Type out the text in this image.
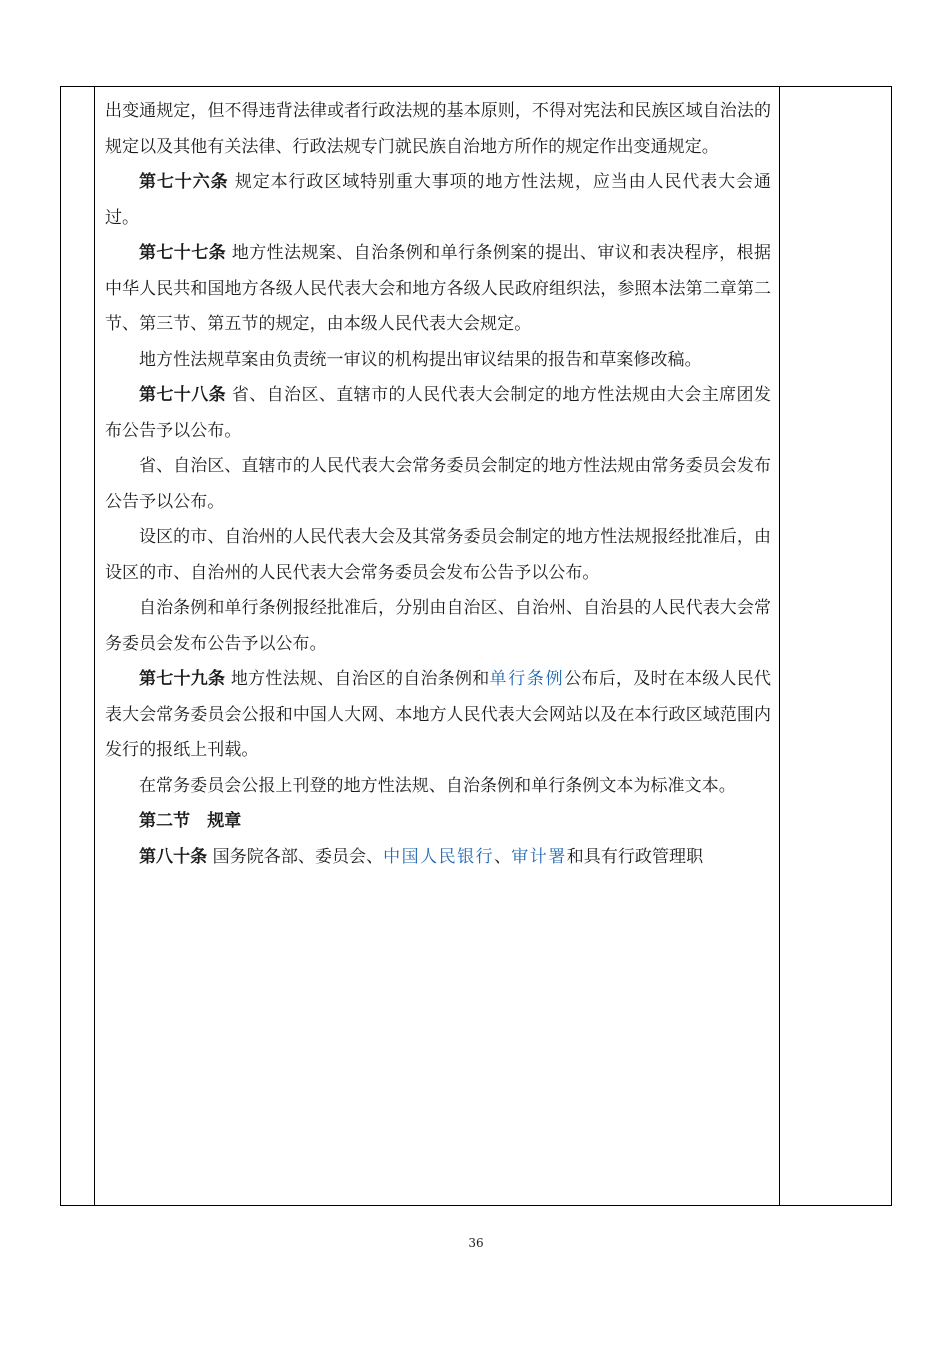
出变通规定，但不得违背法律或者行政法规的基本原则，不得对宪法和民族区域自治法的规定以及其他有关法律、行政法规专门就民族自治地方所作的规定作出变通规定。

第七十六条 规定本行政区域特别重大事项的地方性法规，应当由人民代表大会通过。

第七十七条 地方性法规案、自治条例和单行条例案的提出、审议和表决程序，根据中华人民共和国地方各级人民代表大会和地方各级人民政府组织法，参照本法第二章第二节、第三节、第五节的规定，由本级人民代表大会规定。

地方性法规草案由负责统一审议的机构提出审议结果的报告和草案修改稿。

第七十八条 省、自治区、直辖市的人民代表大会制定的地方性法规由大会主席团发布公告予以公布。

省、自治区、直辖市的人民代表大会常务委员会制定的地方性法规由常务委员会发布公告予以公布。

设区的市、自治州的人民代表大会及其常务委员会制定的地方性法规报经批准后，由设区的市、自治州的人民代表大会常务委员会发布公告予以公布。

自治条例和单行条例报经批准后，分别由自治区、自治州、自治县的人民代表大会常务委员会发布公告予以公布。

第七十九条 地方性法规、自治区的自治条例和单行条例公布后，及时在本级人民代表大会常务委员会公报和中国人大网、本地方人民代表大会网站以及在本行政区域范围内发行的报纸上刊载。

在常务委员会公报上刊登的地方性法规、自治条例和单行条例文本为标准文本。

第二节　规章

第八十条 国务院各部、委员会、中国人民银行、审计署和具有行政管理职

36
